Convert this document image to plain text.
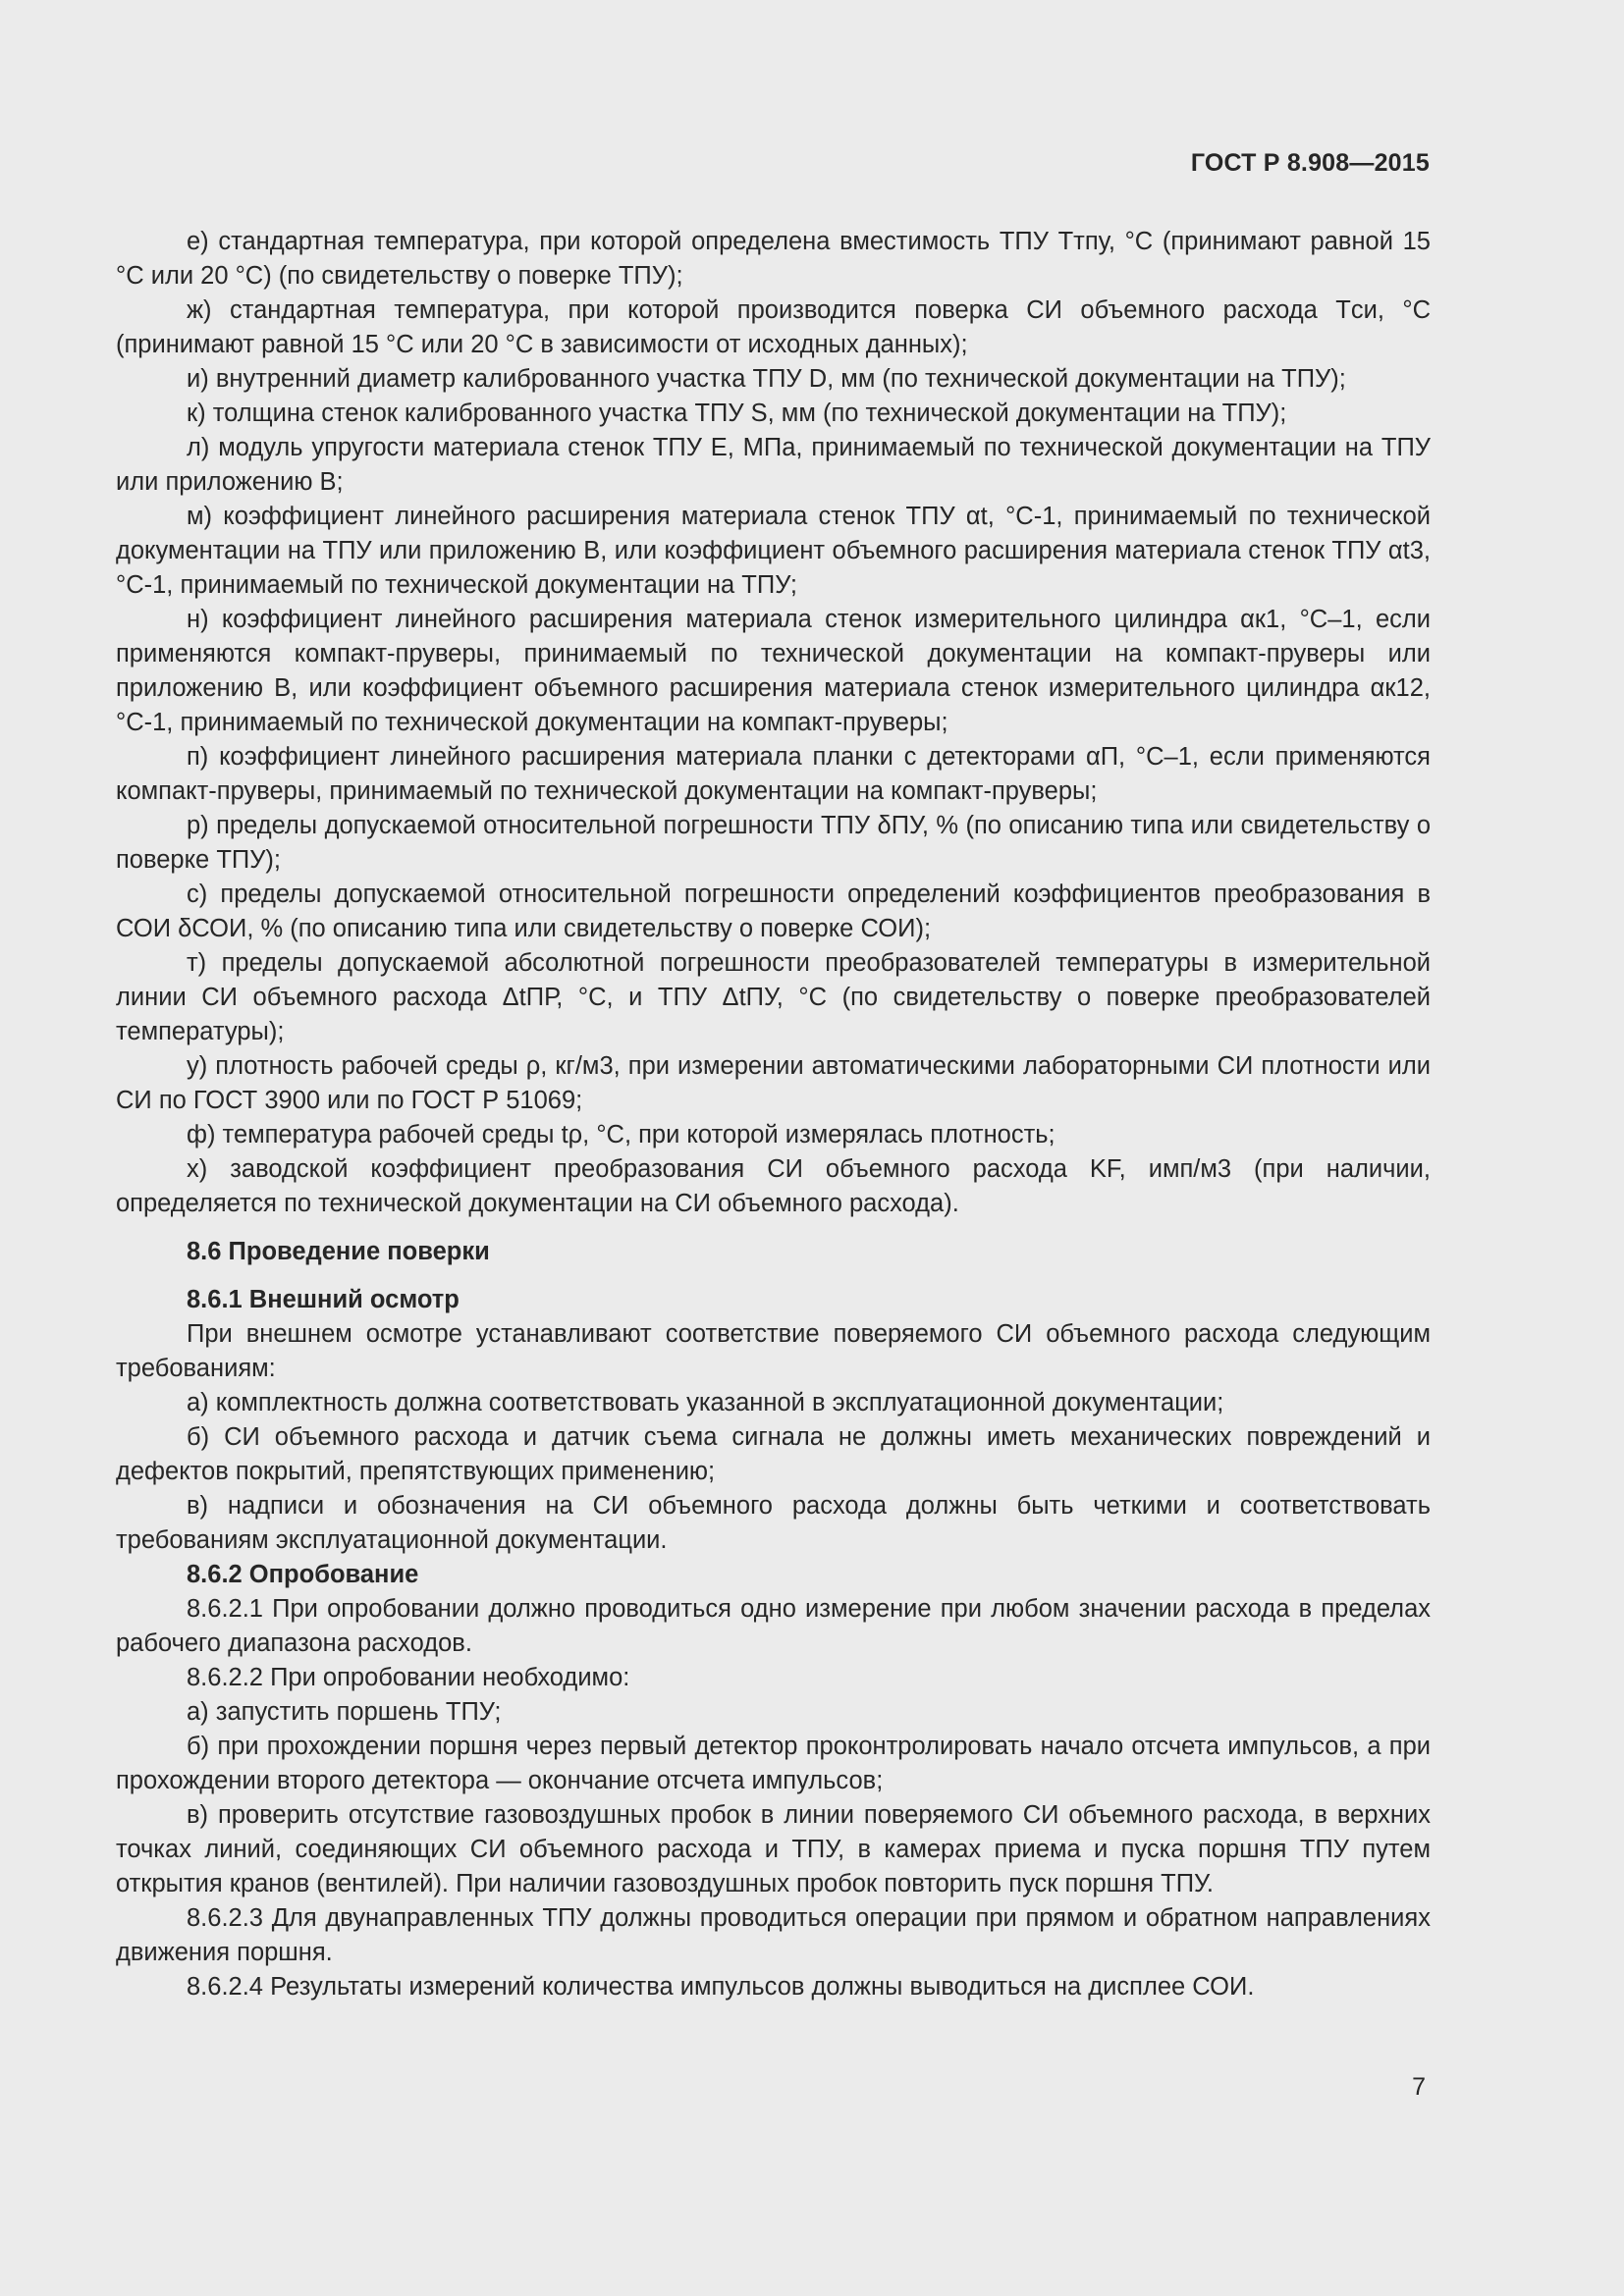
ГОСТ Р 8.908—2015

е) стандартная температура, при которой определена вместимость ТПУ Tтпу, °С (принимают равной 15 °С или 20 °С) (по свидетельству о поверке ТПУ);

ж) стандартная температура, при которой производится поверка СИ объемного расхода Tси, °С (принимают равной 15 °С или 20 °С в зависимости от исходных данных);

и) внутренний диаметр калиброванного участка ТПУ D, мм (по технической документации на ТПУ);

к) толщина стенок калиброванного участка ТПУ S, мм (по технической документации на ТПУ);

л) модуль упругости материала стенок ТПУ E, МПа, принимаемый по технической документации на ТПУ или приложению В;

м) коэффициент линейного расширения материала стенок ТПУ αt, °С-1, принимаемый по технической документации на ТПУ или приложению В, или коэффициент объемного расширения материала стенок ТПУ αt3, °С-1, принимаемый по технической документации на ТПУ;

н) коэффициент линейного расширения материала стенок измерительного цилиндра αк1, °С–1, если применяются компакт-пруверы, принимаемый по технической документации на компакт-пруверы или приложению В, или коэффициент объемного расширения материала стенок измерительного цилиндра αк12, °С-1, принимаемый по технической документации на компакт-пруверы;

п) коэффициент линейного расширения материала планки с детекторами αП, °С–1, если применяются компакт-пруверы, принимаемый по технической документации на компакт-пруверы;

р) пределы допускаемой относительной погрешности ТПУ δПУ, % (по описанию типа или свидетельству о поверке ТПУ);

с) пределы допускаемой относительной погрешности определений коэффициентов преобразования в СОИ δСОИ, % (по описанию типа или свидетельству о поверке СОИ);

т) пределы допускаемой абсолютной погрешности преобразователей температуры в измерительной линии СИ объемного расхода ΔtПР, °С, и ТПУ ΔtПУ, °С (по свидетельству о поверке преобразователей температуры);

у) плотность рабочей среды ρ, кг/м3, при измерении автоматическими лабораторными СИ плотности или СИ по ГОСТ 3900 или по ГОСТ Р 51069;

ф) температура рабочей среды tρ, °С, при которой измерялась плотность;

х) заводской коэффициент преобразования СИ объемного расхода KF, имп/м3 (при наличии, определяется по технической документации на СИ объемного расхода).

8.6 Проведение поверки

8.6.1 Внешний осмотр

При внешнем осмотре устанавливают соответствие поверяемого СИ объемного расхода следующим требованиям:

а) комплектность должна соответствовать указанной в эксплуатационной документации;

б) СИ объемного расхода и датчик съема сигнала не должны иметь механических повреждений и дефектов покрытий, препятствующих применению;

в) надписи и обозначения на СИ объемного расхода должны быть четкими и соответствовать требованиям эксплуатационной документации.

8.6.2 Опробование

8.6.2.1 При опробовании должно проводиться одно измерение при любом значении расхода в пределах рабочего диапазона расходов.

8.6.2.2 При опробовании необходимо:

а) запустить поршень ТПУ;

б) при прохождении поршня через первый детектор проконтролировать начало отсчета импульсов, а при прохождении второго детектора — окончание отсчета импульсов;

в) проверить отсутствие газовоздушных пробок в линии поверяемого СИ объемного расхода, в верхних точках линий, соединяющих СИ объемного расхода и ТПУ, в камерах приема и пуска поршня ТПУ путем открытия кранов (вентилей). При наличии газовоздушных пробок повторить пуск поршня ТПУ.

8.6.2.3 Для двунаправленных ТПУ должны проводиться операции при прямом и обратном направлениях движения поршня.

8.6.2.4 Результаты измерений количества импульсов должны выводиться на дисплее СОИ.

7
